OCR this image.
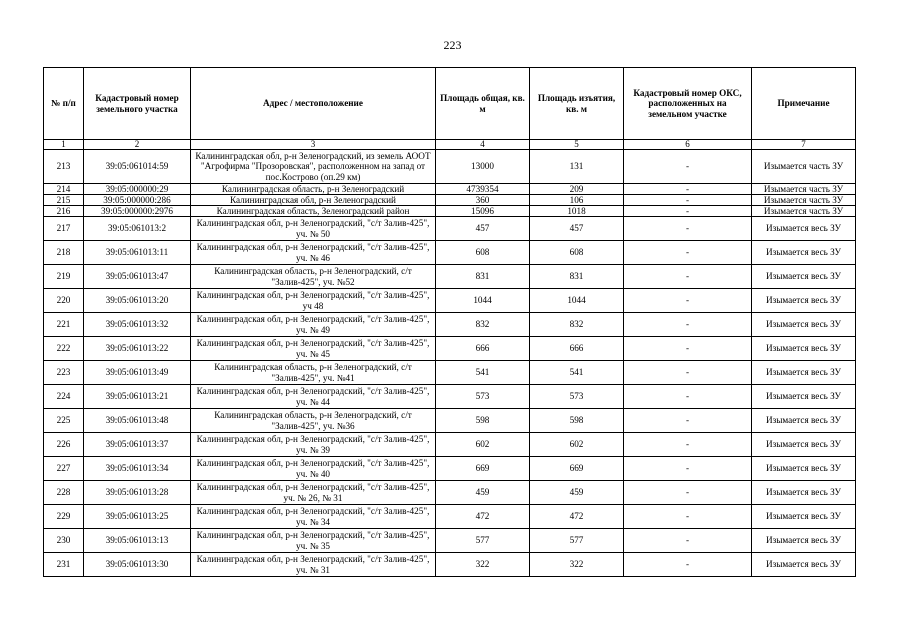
223
№ п/п	Кадастровый номер земельного участка	Адрес / местоположение	Площадь общая, кв. м	Площадь изъятия, кв. м	Кадастровый номер ОКС, расположенных на земельном участке	Примечание
1	2	3	4	5	6	7
213	39:05:061014:59	Калининградская обл, р-н Зеленоградский, из земель АООТ "Агрофирма "Прозоровская", расположенном на запад от пос.Кострово (оп.29 км)	13000	131	-	Изымается часть ЗУ
214	39:05:000000:29	Калининградская область, р-н Зеленоградский	4739354	209	-	Изымается часть ЗУ
215	39:05:000000:286	Калининградская обл, р-н Зеленоградский	360	106	-	Изымается часть ЗУ
216	39:05:000000:2976	Калининградская область, Зеленоградский район	15096	1018	-	Изымается часть ЗУ
217	39:05:061013:2	Калининградская обл, р-н Зеленоградский, "с/т Залив-425", уч. № 50	457	457	-	Изымается весь ЗУ
218	39:05:061013:11	Калининградская обл, р-н Зеленоградский, "с/т Залив-425", уч. № 46	608	608	-	Изымается весь ЗУ
219	39:05:061013:47	Калининградская область, р-н Зеленоградский, с/т "Залив-425", уч. №52	831	831	-	Изымается весь ЗУ
220	39:05:061013:20	Калининградская обл, р-н Зеленоградский, "с/т Залив-425", уч 48	1044	1044	-	Изымается весь ЗУ
221	39:05:061013:32	Калининградская обл, р-н Зеленоградский, "с/т Залив-425", уч. № 49	832	832	-	Изымается весь ЗУ
222	39:05:061013:22	Калининградская обл, р-н Зеленоградский, "с/т Залив-425", уч. № 45	666	666	-	Изымается весь ЗУ
223	39:05:061013:49	Калининградская область, р-н Зеленоградский, с/т "Залив-425", уч. №41	541	541	-	Изымается весь ЗУ
224	39:05:061013:21	Калининградская обл, р-н Зеленоградский, "с/т Залив-425", уч. № 44	573	573	-	Изымается весь ЗУ
225	39:05:061013:48	Калининградская область, р-н Зеленоградский, с/т "Залив-425", уч. №36	598	598	-	Изымается весь ЗУ
226	39:05:061013:37	Калининградская обл, р-н Зеленоградский, "с/т Залив-425", уч. № 39	602	602	-	Изымается весь ЗУ
227	39:05:061013:34	Калининградская обл, р-н Зеленоградский, "с/т Залив-425", уч. № 40	669	669	-	Изымается весь ЗУ
228	39:05:061013:28	Калининградская обл, р-н Зеленоградский, "с/т Залив-425", уч. № 26, № 31	459	459	-	Изымается весь ЗУ
229	39:05:061013:25	Калининградская обл, р-н Зеленоградский, "с/т Залив-425", уч. № 34	472	472	-	Изымается весь ЗУ
230	39:05:061013:13	Калининградская обл, р-н Зеленоградский, "с/т Залив-425", уч. № 35	577	577	-	Изымается весь ЗУ
231	39:05:061013:30	Калининградская обл, р-н Зеленоградский, "с/т Залив-425", уч. № 31	322	322	-	Изымается весь ЗУ
